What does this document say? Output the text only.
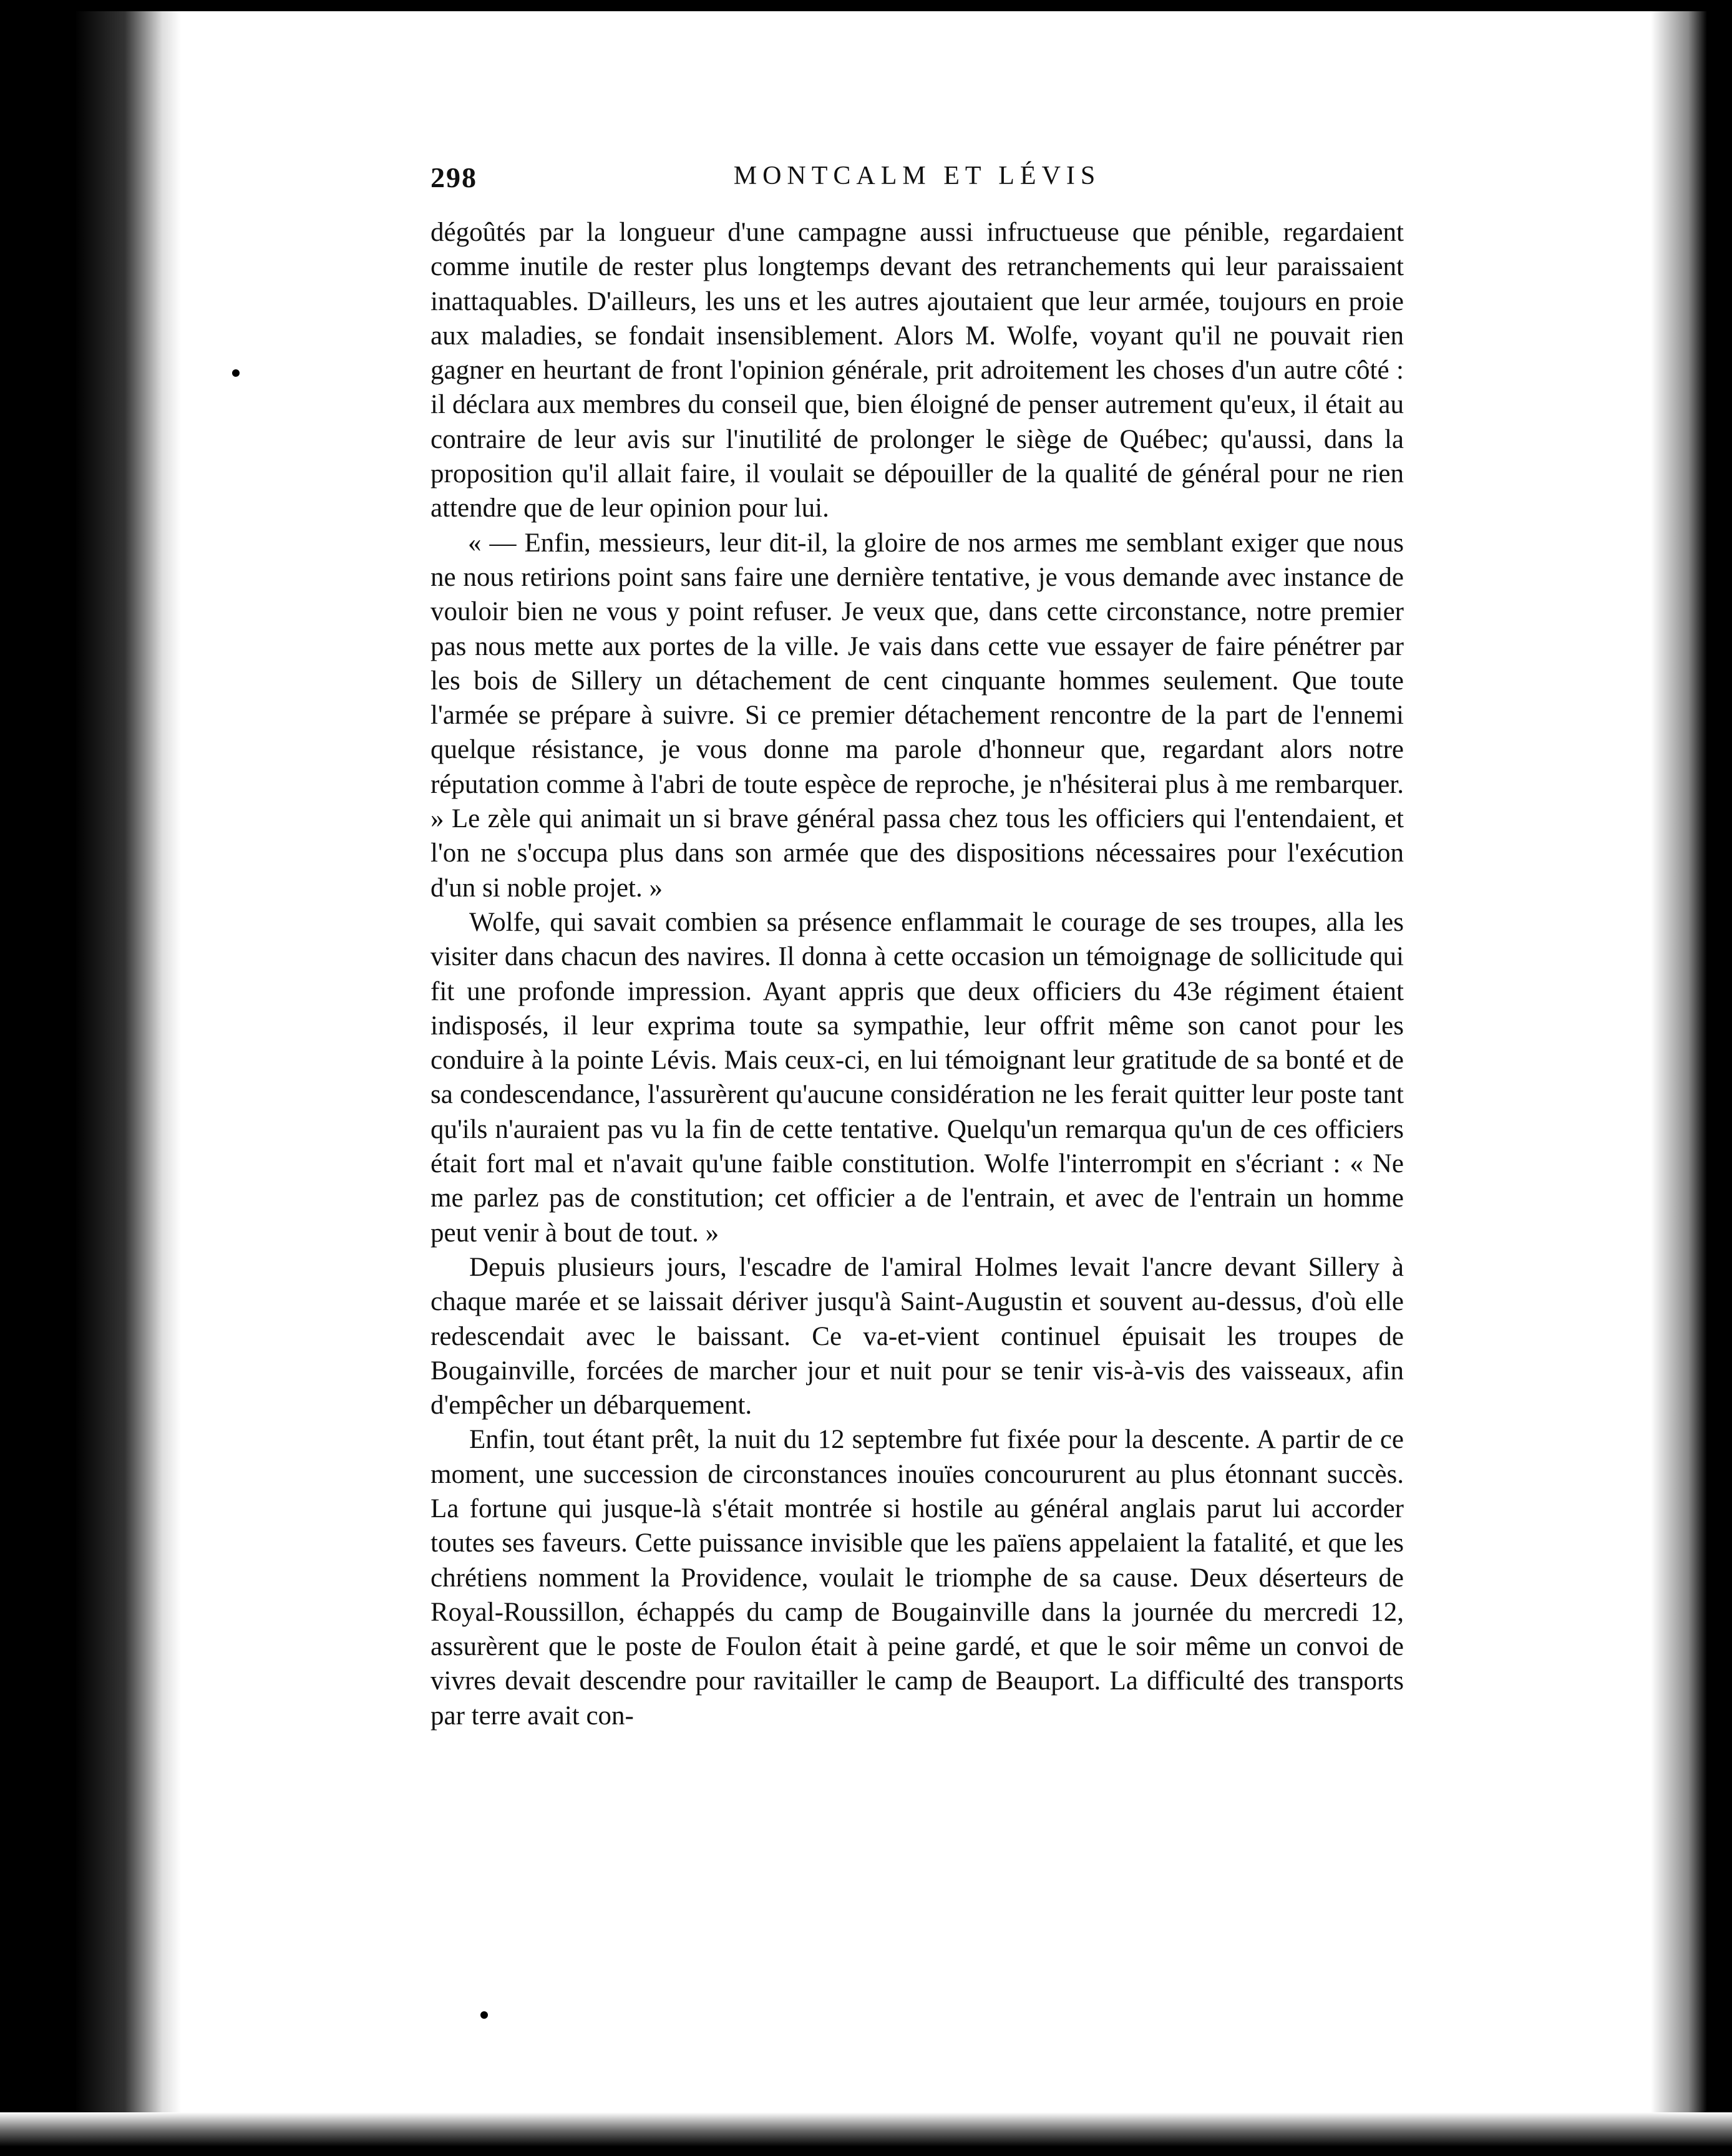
298	MONTCALM ET LÉVIS

dégoûtés par la longueur d'une campagne aussi infructueuse que pénible, regardaient comme inutile de rester plus longtemps devant des retranchements qui leur paraissaient inattaquables. D'ailleurs, les uns et les autres ajoutaient que leur armée, toujours en proie aux maladies, se fondait insensiblement. Alors M. Wolfe, voyant qu'il ne pouvait rien gagner en heurtant de front l'opinion générale, prit adroitement les choses d'un autre côté : il déclara aux membres du conseil que, bien éloigné de penser autrement qu'eux, il était au contraire de leur avis sur l'inutilité de prolonger le siège de Québec; qu'aussi, dans la proposition qu'il allait faire, il voulait se dépouiller de la qualité de général pour ne rien attendre que de leur opinion pour lui.

« — Enfin, messieurs, leur dit-il, la gloire de nos armes me semblant exiger que nous ne nous retirions point sans faire une dernière tentative, je vous demande avec instance de vouloir bien ne vous y point refuser. Je veux que, dans cette circonstance, notre premier pas nous mette aux portes de la ville. Je vais dans cette vue essayer de faire pénétrer par les bois de Sillery un détachement de cent cinquante hommes seulement. Que toute l'armée se prépare à suivre. Si ce premier détachement rencontre de la part de l'ennemi quelque résistance, je vous donne ma parole d'honneur que, regardant alors notre réputation comme à l'abri de toute espèce de reproche, je n'hésiterai plus à me rembarquer. » Le zèle qui animait un si brave général passa chez tous les officiers qui l'entendaient, et l'on ne s'occupa plus dans son armée que des dispositions nécessaires pour l'exécution d'un si noble projet. »

Wolfe, qui savait combien sa présence enflammait le courage de ses troupes, alla les visiter dans chacun des navires. Il donna à cette occasion un témoignage de sollicitude qui fit une profonde impression. Ayant appris que deux officiers du 43e régiment étaient indisposés, il leur exprima toute sa sympathie, leur offrit même son canot pour les conduire à la pointe Lévis. Mais ceux-ci, en lui témoignant leur gratitude de sa bonté et de sa condescendance, l'assurèrent qu'aucune considération ne les ferait quitter leur poste tant qu'ils n'auraient pas vu la fin de cette tentative. Quelqu'un remarqua qu'un de ces officiers était fort mal et n'avait qu'une faible constitution. Wolfe l'interrompit en s'écriant : « Ne me parlez pas de constitution; cet officier a de l'entrain, et avec de l'entrain un homme peut venir à bout de tout. »

Depuis plusieurs jours, l'escadre de l'amiral Holmes levait l'ancre devant Sillery à chaque marée et se laissait dériver jusqu'à Saint-Augustin et souvent au-dessus, d'où elle redescendait avec le baissant. Ce va-et-vient continuel épuisait les troupes de Bougainville, forcées de marcher jour et nuit pour se tenir vis-à-vis des vaisseaux, afin d'empêcher un débarquement.

Enfin, tout étant prêt, la nuit du 12 septembre fut fixée pour la descente. A partir de ce moment, une succession de circonstances inouïes concoururent au plus étonnant succès. La fortune qui jusque-là s'était montrée si hostile au général anglais parut lui accorder toutes ses faveurs. Cette puissance invisible que les païens appelaient la fatalité, et que les chrétiens nomment la Providence, voulait le triomphe de sa cause. Deux déserteurs de Royal-Roussillon, échappés du camp de Bougainville dans la journée du mercredi 12, assurèrent que le poste de Foulon était à peine gardé, et que le soir même un convoi de vivres devait descendre pour ravitailler le camp de Beauport. La difficulté des transports par terre avait con-
